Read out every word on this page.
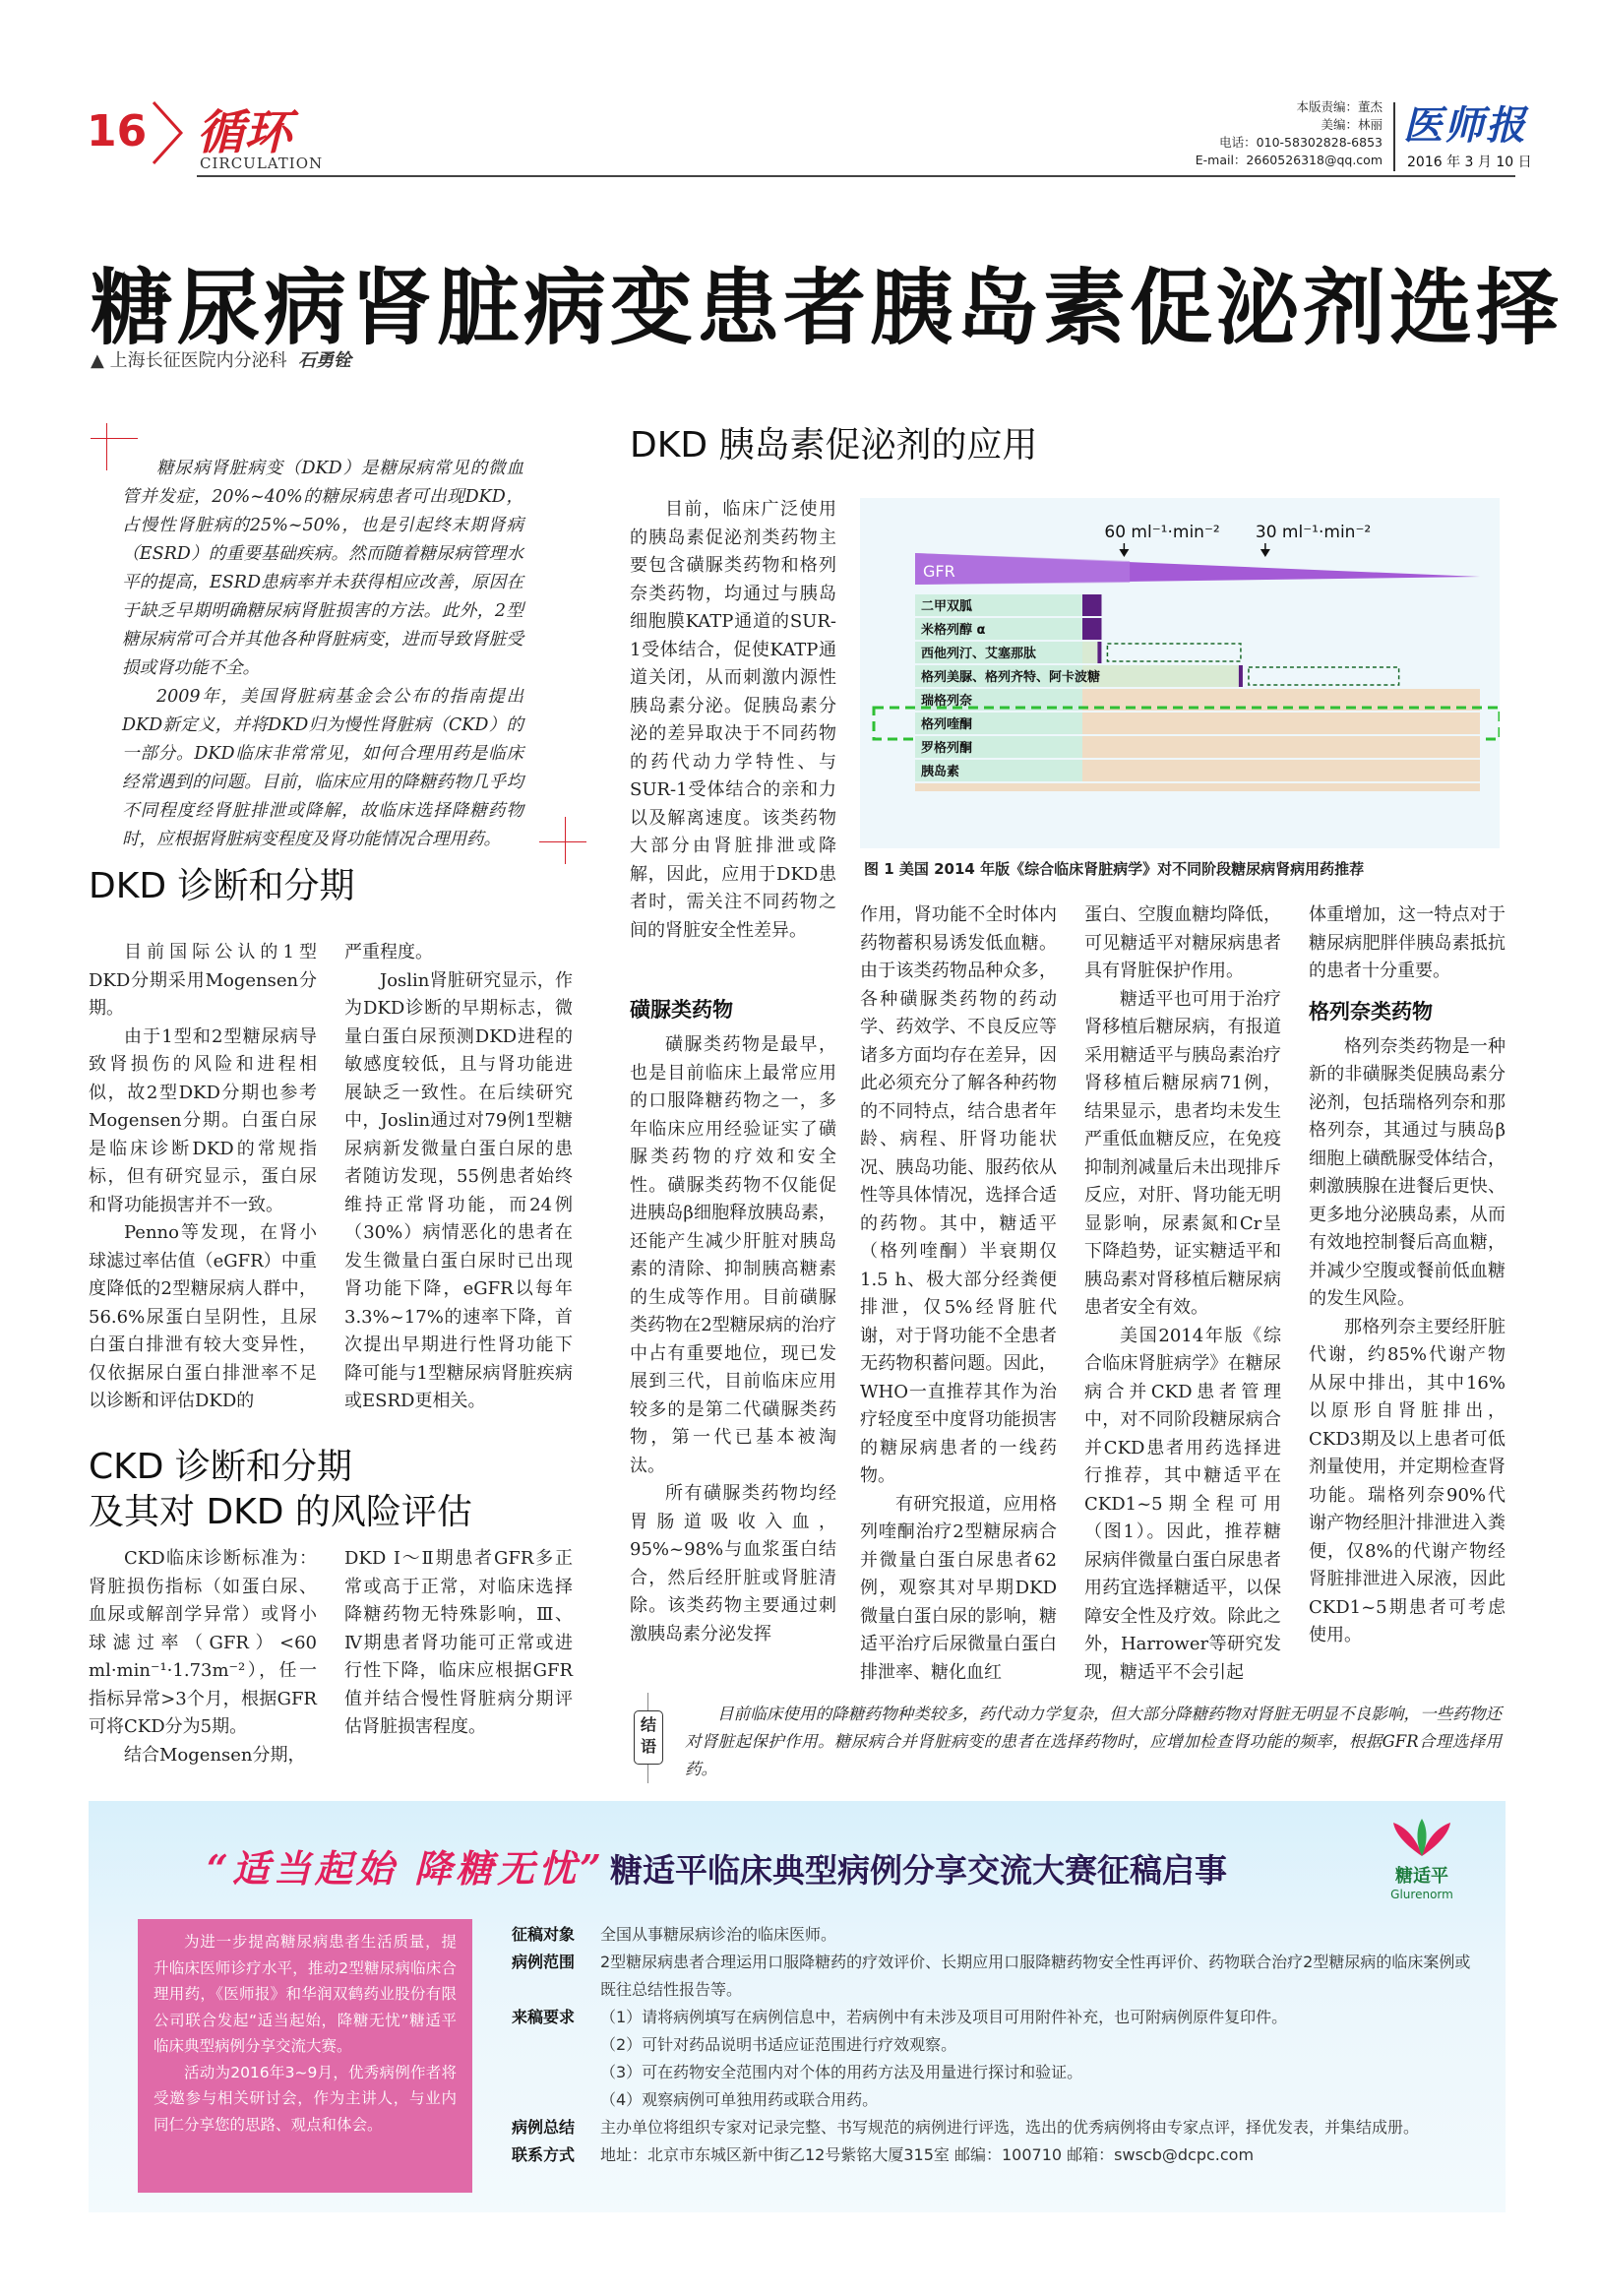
16 循环
CIRCULATION
本版责编：董杰
美编：林丽
电话：010-58302828-6853
E-mail：2660526318@qq.com
医师报
2016 年 3 月 10 日
糖尿病肾脏病变患者胰岛素促泌剂选择
▲ 上海长征医院内分泌科 石勇铨

糖尿病肾脏病变（DKD）是糖尿病常见的微血管并发症，20%~40%的糖尿病患者可出现DKD，占慢性肾脏病的25%~50%，也是引起终末期肾病（ESRD）的重要基础疾病。然而随着糖尿病管理水平的提高，ESRD患病率并未获得相应改善，原因在于缺乏早期明确糖尿病肾脏损害的方法。此外，2型糖尿病常可合并其他各种肾脏病变，进而导致肾脏受损或肾功能不全。

2009年，美国肾脏病基金会公布的指南提出DKD新定义，并将DKD归为慢性肾脏病（CKD）的一部分。DKD临床非常常见，如何合理用药是临床经常遇到的问题。目前，临床应用的降糖药物几乎均不同程度经肾脏排泄或降解，故临床选择降糖药物时，应根据肾脏病变程度及肾功能情况合理用药。

DKD 诊断和分期

目前国际公认的1型DKD分期采用Mogensen分期。

由于1型和2型糖尿病导致肾损伤的风险和进程相似，故2型DKD分期也参考Mogensen分期。白蛋白尿是临床诊断DKD的常规指标，但有研究显示，蛋白尿和肾功能损害并不一致。

Penno等发现，在肾小球滤过率估值（eGFR）中重度降低的2型糖尿病人群中，56.6%尿蛋白呈阴性，且尿白蛋白排泄有较大变异性，仅依据尿白蛋白排泄率不足以诊断和评估DKD的

严重程度。

Joslin肾脏研究显示，作为DKD诊断的早期标志，微量白蛋白尿预测DKD进程的敏感度较低，且与肾功能进展缺乏一致性。在后续研究中，Joslin通过对79例1型糖尿病新发微量白蛋白尿的患者随访发现，55例患者始终维持正常肾功能，而24例（30%）病情恶化的患者在发生微量白蛋白尿时已出现肾功能下降，eGFR以每年3.3%~17%的速率下降，首次提出早期进行性肾功能下降可能与1型糖尿病肾脏疾病或ESRD更相关。

CKD 诊断和分期
及其对 DKD 的风险评估

CKD临床诊断标准为：肾脏损伤指标（如蛋白尿、血尿或解剖学异常）或肾小球滤过率（GFR）<60 ml·min⁻¹·1.73m⁻²），任一指标异常>3个月，根据GFR可将CKD分为5期。

结合Mogensen分期，

DKD Ⅰ～Ⅱ期患者GFR多正常或高于正常，对临床选择降糖药物无特殊影响，Ⅲ、Ⅳ期患者肾功能可正常或进行性下降，临床应根据GFR值并结合慢性肾脏病分期评估肾脏损害程度。

DKD 胰岛素促泌剂的应用

目前，临床广泛使用的胰岛素促泌剂类药物主要包含磺脲类药物和格列奈类药物，均通过与胰岛细胞膜KATP通道的SUR-1受体结合，促使KATP通道关闭，从而刺激内源性胰岛素分泌。促胰岛素分泌的差异取决于不同药物的药代动力学特性、与SUR-1受体结合的亲和力以及解离速度。该类药物大部分由肾脏排泄或降解，因此，应用于DKD患者时，需关注不同药物之间的肾脏安全性差异。

60 ml⁻¹·min⁻² 30 ml⁻¹·min⁻²
GFR
二甲双胍
米格列醇 α
西他列汀、艾塞那肽
格列美脲、格列齐特、阿卡波糖
瑞格列奈
格列喹酮
罗格列酮
胰岛素
图 1 美国 2014 年版《综合临床肾脏病学》对不同阶段糖尿病肾病用药推荐
磺脲类药物

磺脲类药物是最早，也是目前临床上最常应用的口服降糖药物之一，多年临床应用经验证实了磺脲类药物的疗效和安全性。磺脲类药物不仅能促进胰岛β细胞释放胰岛素，还能产生减少肝脏对胰岛素的清除、抑制胰高糖素的生成等作用。目前磺脲类药物在2型糖尿病的治疗中占有重要地位，现已发展到三代，目前临床应用较多的是第二代磺脲类药物，第一代已基本被淘汰。

所有磺脲类药物均经胃肠道吸收入血，95%~98%与血浆蛋白结合，然后经肝脏或肾脏清除。该类药物主要通过刺激胰岛素分泌发挥

作用，肾功能不全时体内药物蓄积易诱发低血糖。由于该类药物品种众多，各种磺脲类药物的药动学、药效学、不良反应等诸多方面均存在差异，因此必须充分了解各种药物的不同特点，结合患者年龄、病程、肝肾功能状况、胰岛功能、服药依从性等具体情况，选择合适的药物。其中，糖适平（格列喹酮）半衰期仅1.5 h、极大部分经粪便排泄，仅5%经肾脏代谢，对于肾功能不全患者无药物积蓄问题。因此，WHO一直推荐其作为治疗轻度至中度肾功能损害的糖尿病患者的一线药物。

有研究报道，应用格列喹酮治疗2型糖尿病合并微量白蛋白尿患者62例，观察其对早期DKD微量白蛋白尿的影响，糖适平治疗后尿微量白蛋白排泄率、糖化血红

蛋白、空腹血糖均降低，可见糖适平对糖尿病患者具有肾脏保护作用。

糖适平也可用于治疗肾移植后糖尿病，有报道采用糖适平与胰岛素治疗肾移植后糖尿病71例，结果显示，患者均未发生严重低血糖反应，在免疫抑制剂减量后未出现排斥反应，对肝、肾功能无明显影响，尿素氮和Cr呈下降趋势，证实糖适平和胰岛素对肾移植后糖尿病患者安全有效。

美国2014年版《综合临床肾脏病学》在糖尿病合并CKD患者管理中，对不同阶段糖尿病合并CKD患者用药选择进行推荐，其中糖适平在CKD1~5期全程可用（图1）。因此，推荐糖尿病伴微量白蛋白尿患者用药宜选择糖适平，以保障安全性及疗效。除此之外，Harrower等研究发现，糖适平不会引起

体重增加，这一特点对于糖尿病肥胖伴胰岛素抵抗的患者十分重要。

格列奈类药物

格列奈类药物是一种新的非磺脲类促胰岛素分泌剂，包括瑞格列奈和那格列奈，其通过与胰岛β细胞上磺酰脲受体结合，刺激胰腺在进餐后更快、更多地分泌胰岛素，从而有效地控制餐后高血糖，并减少空腹或餐前低血糖的发生风险。

那格列奈主要经肝脏代谢，约85%代谢产物从尿中排出，其中16%以原形自肾脏排出，CKD3期及以上患者可低剂量使用，并定期检查肾功能。瑞格列奈90%代谢产物经胆汁排泄进入粪便，仅8%的代谢产物经肾脏排泄进入尿液，因此CKD1~5期患者可考虑使用。

结语
目前临床使用的降糖药物种类较多，药代动力学复杂，但大部分降糖药物对肾脏无明显不良影响，一些药物还对肾脏起保护作用。糖尿病合并肾脏病变的患者在选择药物时，应增加检查肾功能的频率，根据GFR合理选择用药。
“适当起始 降糖无忧” 糖适平临床典型病例分享交流大赛征稿启事	糖适平
Glurenorm

为进一步提高糖尿病患者生活质量，提升临床医师诊疗水平，推动2型糖尿病临床合理用药，《医师报》和华润双鹤药业股份有限公司联合发起“适当起始，降糖无忧”糖适平临床典型病例分享交流大赛。

活动为2016年3~9月，优秀病例作者将受邀参与相关研讨会，作为主讲人，与业内同仁分享您的思路、观点和体会。

征稿对象	全国从事糖尿病诊治的临床医师。
病例范围	2型糖尿病患者合理运用口服降糖药的疗效评价、长期应用口服降糖药物安全性再评价、药物联合治疗2型糖尿病的临床案例或既往总结性报告等。
来稿要求	（1）请将病例填写在病例信息中，若病例中有未涉及项目可用附件补充，也可附病例原件复印件。
（2）可针对药品说明书适应证范围进行疗效观察。
（3）可在药物安全范围内对个体的用药方法及用量进行探讨和验证。
（4）观察病例可单独用药或联合用药。
病例总结	主办单位将组织专家对记录完整、书写规范的病例进行评选，选出的优秀病例将由专家点评，择优发表，并集结成册。
联系方式	地址：北京市东城区新中街乙12号紫铭大厦315室 邮编：100710 邮箱：swscb@dcpc.com
